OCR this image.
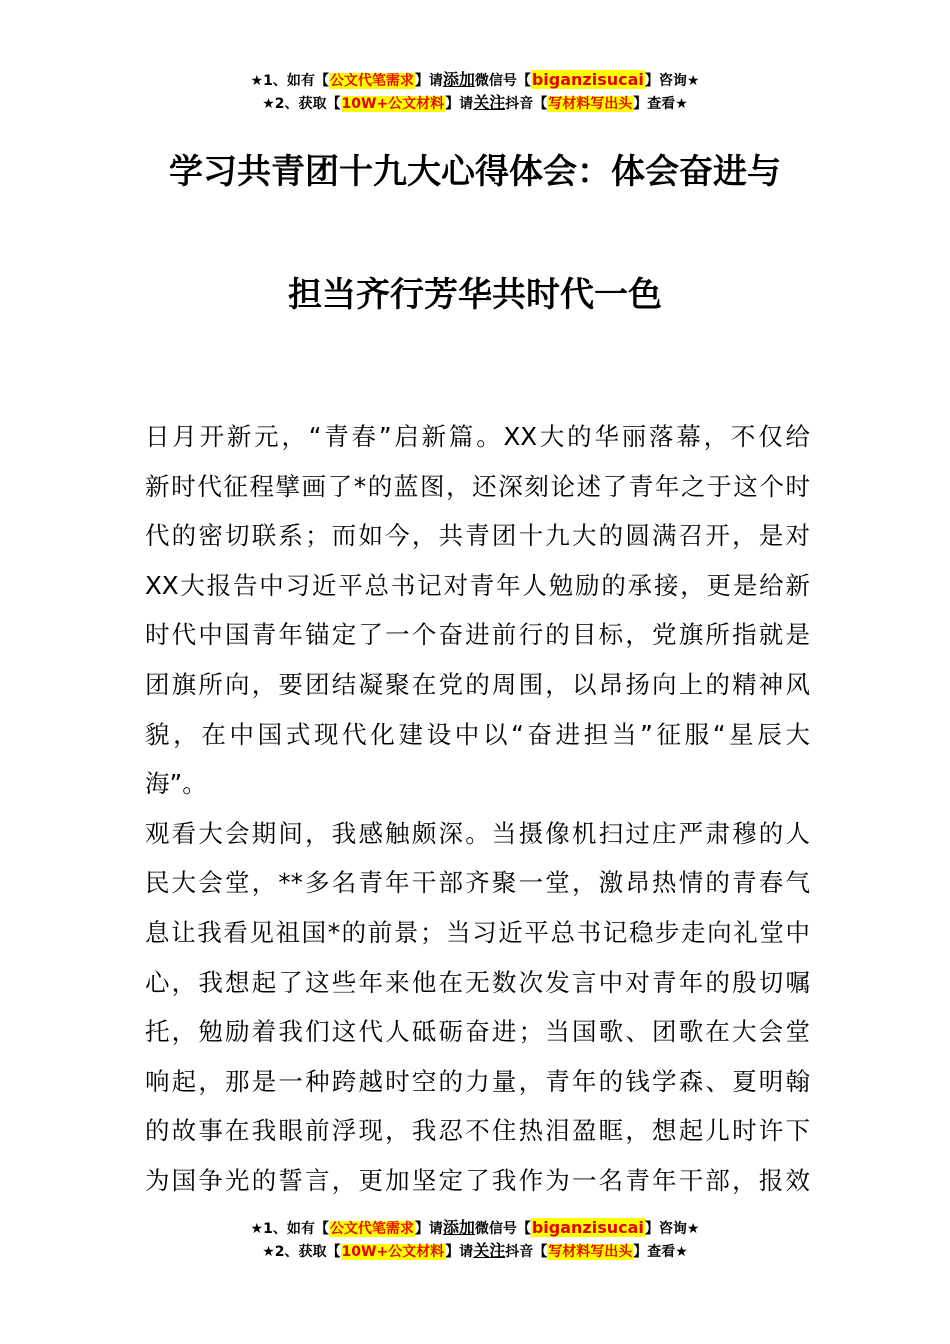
★1、如有【公文代笔需求】请添加微信号【biganzisucai】咨询★
★2、获取【10W+公文材料】请关注抖音【写材料写出头】查看★
学习共青团十九大心得体会：体会奋进与
担当齐行芳华共时代一色
日月开新元，“青春”启新篇。XX大的华丽落幕，不仅给
新时代征程擘画了*的蓝图，还深刻论述了青年之于这个时
代的密切联系；而如今，共青团十九大的圆满召开，是对
XX大报告中习近平总书记对青年人勉励的承接，更是给新
时代中国青年锚定了一个奋进前行的目标，党旗所指就是
团旗所向，要团结凝聚在党的周围，以昂扬向上的精神风
貌，在中国式现代化建设中以“奋进担当”征服“星辰大
海”。
观看大会期间，我感触颇深。当摄像机扫过庄严肃穆的人
民大会堂，**多名青年干部齐聚一堂，激昂热情的青春气
息让我看见祖国*的前景；当习近平总书记稳步走向礼堂中
心，我想起了这些年来他在无数次发言中对青年的殷切嘱
托，勉励着我们这代人砥砺奋进；当国歌、团歌在大会堂
响起，那是一种跨越时空的力量，青年的钱学森、夏明翰
的故事在我眼前浮现，我忍不住热泪盈眶，想起儿时许下
为国争光的誓言，更加坚定了我作为一名青年干部，报效
★1、如有【公文代笔需求】请添加微信号【biganzisucai】咨询★
★2、获取【10W+公文材料】请关注抖音【写材料写出头】查看★
